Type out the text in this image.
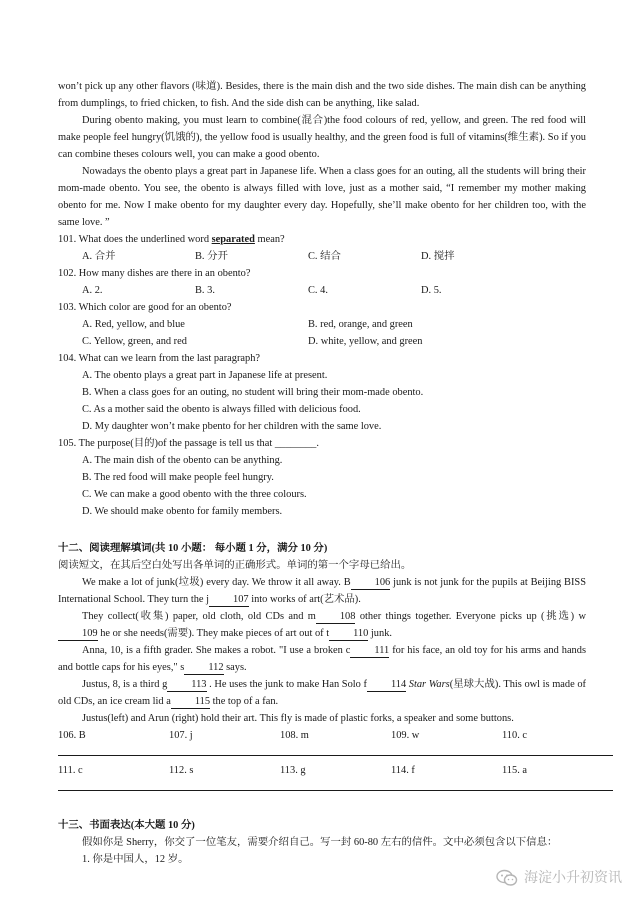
won’t pick up any other flavors (味道). Besides, there is the main dish and the two side dishes. The main dish can be anything from dumplings, to fried chicken, to fish. And the side dish can be anything, like salad.

During obento making, you must learn to combine(混合)the food colours of red, yellow, and green. The red food will make people feel hungry(饥饿的), the yellow food is usually healthy, and the green food is full of vitamins(维生素). So if you can combine theses colours well, you can make a good obento.

Nowadays the obento plays a great part in Japanese life. When a class goes for an outing, all the students will bring their mom-made obento. You see, the obento is always filled with love, just as a mother said, “I remember my mother making obento for me. Now I make obento for my daughter every day. Hopefully, she’ll make obento for her children too, with the same love. ”

101. What does the underlined word separated mean?
A. 合并	B. 分开	C. 结合	D. 搅拌
102. How many dishes are there in an obento?
A. 2.	B. 3.	C. 4.	D. 5.
103. Which color are good for an obento?
A. Red, yellow, and blue	B. red, orange, and green
C. Yellow, green, and red	D. white, yellow, and green
104. What can we learn from the last paragraph?
A. The obento plays a great part in Japanese life at present.
B. When a class goes for an outing, no student will bring their mom-made obento.
C. As a mother said the obento is always filled with delicious food.
D. My daughter won’t make pbento for her children with the same love.
105. The purpose(目的)of the passage is tell us that ________.
A. The main dish of the obento can be anything.
B. The red food will make people feel hungry.
C. We can make a good obento with the three colours.
D. We should make obento for family members.
十二、阅读理解填词(共 10 小题： 每小题 1 分，满分 10 分)

阅读短文，在其后空白处写出各单词的正确形式。单词的第一个字母已给出。

We make a lot of junk(垃圾) every day. We throw it all away. B 106 junk is not junk for the pupils at Beijing BISS International School. They turn the j 107 into works of art(艺术品).

They collect(收集) paper, old cloth, old CDs and m 108 other things together. Everyone picks up (挑选) w109 he or she needs(需要). They make pieces of art out of t 110 junk.

Anna, 10, is a fifth grader. She makes a robot. "I use a broken c 111 for his face, an old toy for his arms and hands and bottle caps for his eyes," s 112 says.

Justus, 8, is a third g 113 . He uses the junk to make Han Solo f 114 Star Wars(星球大战). This owl is made of old CDs, an ice cream lid a 115 the top of a fan.

Justus(left) and Arun (right) hold their art. This fly is made of plastic forks, a speaker and some buttons.

106. B	107. j	108. m	109. w	110. c
111. c	112. s	113. g	114. f	115. a
十三、书面表达(本大题 10 分)

假如你是 Sherry，你交了一位笔友，需要介绍自己。写一封 60-80 左右的信件。文中必须包含以下信息：

1. 你是中国人，12 岁。

海淀小升初资讯
